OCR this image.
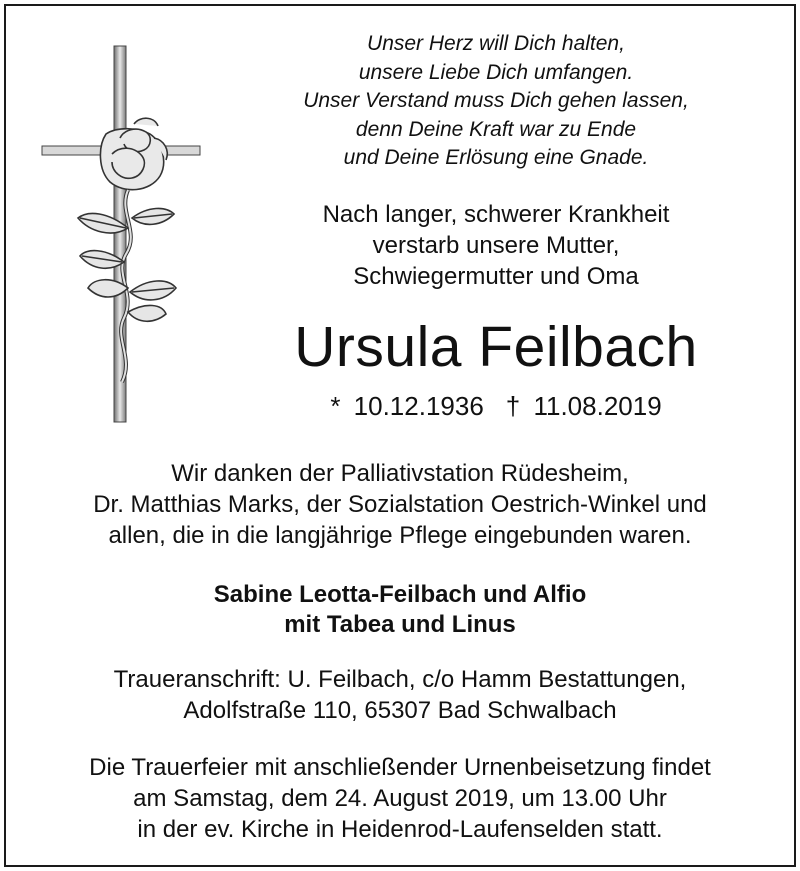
Unser Herz will Dich halten,
unsere Liebe Dich umfangen.
Unser Verstand muss Dich gehen lassen,
denn Deine Kraft war zu Ende
und Deine Erlösung eine Gnade.
Nach langer, schwerer Krankheit
verstarb unsere Mutter,
Schwiegermutter und Oma
Ursula Feilbach
* 10.12.1936 † 11.08.2019
Wir danken der Palliativstation Rüdesheim,
Dr. Matthias Marks, der Sozialstation Oestrich-Winkel und
allen, die in die langjährige Pflege eingebunden waren.
Sabine Leotta-Feilbach und Alfio
mit Tabea und Linus
Traueranschrift: U. Feilbach, c/o Hamm Bestattungen,
Adolfstraße 110, 65307 Bad Schwalbach
Die Trauerfeier mit anschließender Urnenbeisetzung findet
am Samstag, dem 24. August 2019, um 13.00 Uhr
in der ev. Kirche in Heidenrod-Laufenselden statt.
